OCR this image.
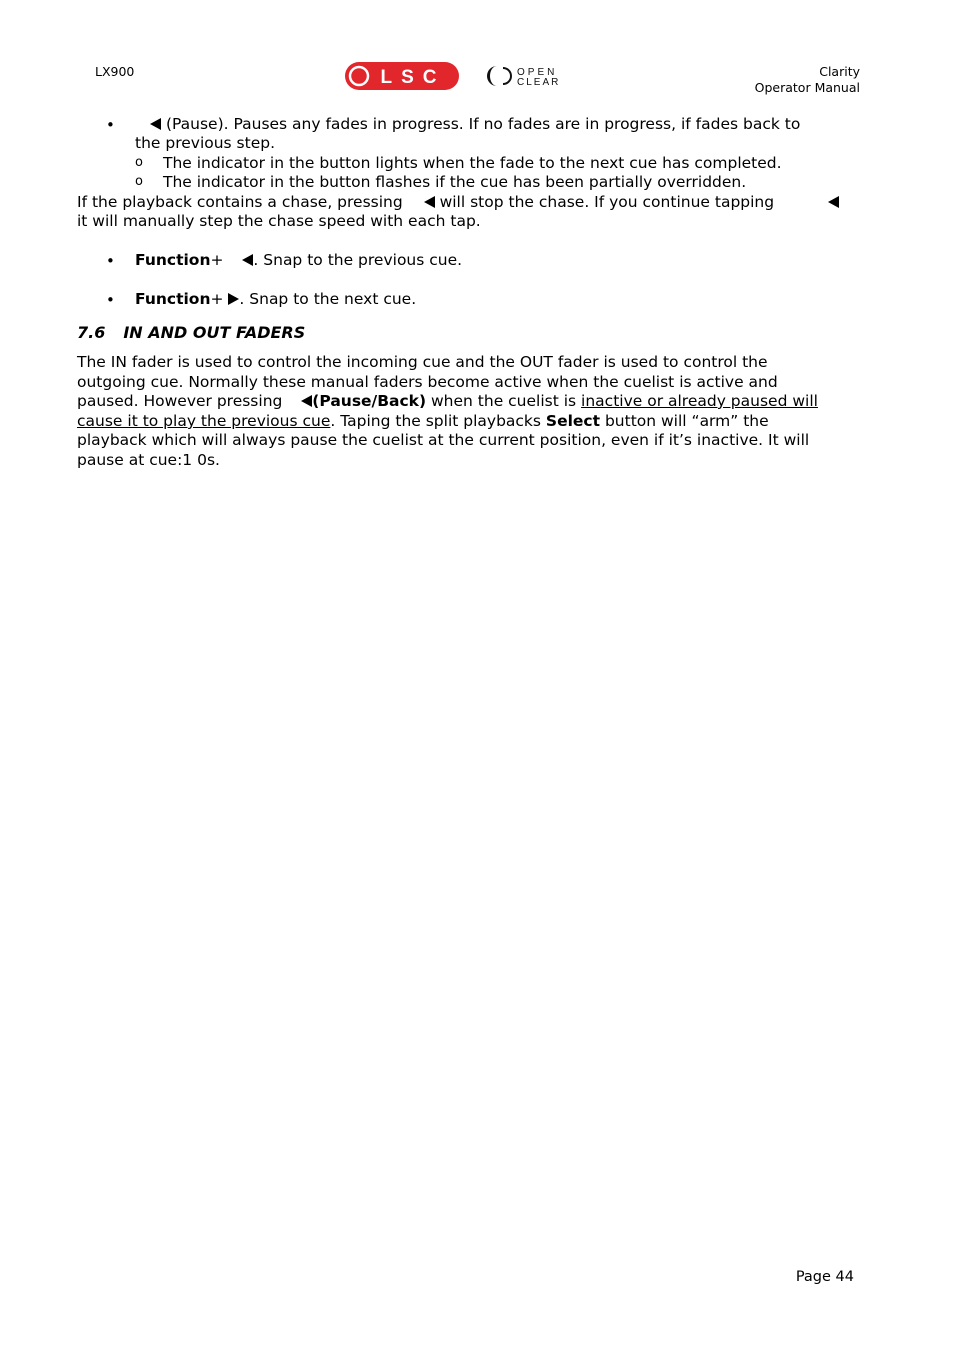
LX900	LSC	OPEN
CLEAR
Clarity
Operator Manual
•	(Pause). Pauses any fades in progress. If no fades are in progress, if fades back to
the previous step.
o The indicator in the button lights when the fade to the next cue has completed.
o The indicator in the button flashes if the cue has been partially overridden.
If the playback contains a chase, pressing will stop the chase. If you continue tapping
it will manually step the chase speed with each tap.
• Function+ . Snap to the previous cue.
• Function+ . Snap to the next cue.
7.6 IN AND OUT FADERS
The IN fader is used to control the incoming cue and the OUT fader is used to control the
outgoing cue. Normally these manual faders become active when the cuelist is active and
paused. However pressing (Pause/Back) when the cuelist is inactive or already paused will
cause it to play the previous cue. Taping the split playbacks Select button will “arm” the
playback which will always pause the cuelist at the current position, even if it’s inactive. It will
pause at cue:1 0s.
Page 44
